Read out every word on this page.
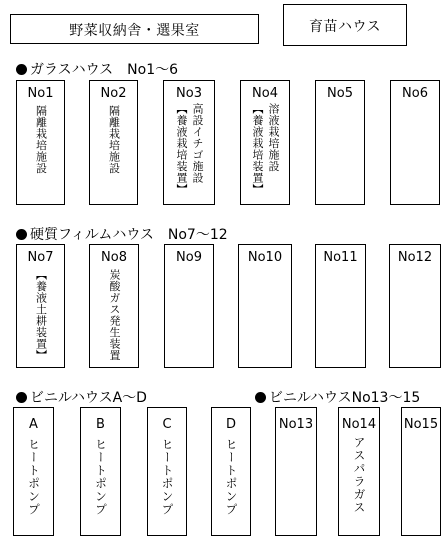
野菜収納舎・選果室	育苗ハウス
ガラスハウス　No1～6
硬質フィルムハウス　No7～12
ビニルハウスA～D	ビニルハウスNo13～15
No1
隔離栽培施設
No2
隔離栽培施設
No3
【養液栽培装置】 高設イチゴ施設
No4
【養液栽培装置】 溶液栽培施設
No5	No6
No7
【養液土耕装置】
No8
炭酸ガス発生装置
No9	No10	No11	No12
A
ヒートポンプ
B
ヒートポンプ
C
ヒートポンプ
D
ヒートポンプ
No13 No14
アスパラガス
No15
